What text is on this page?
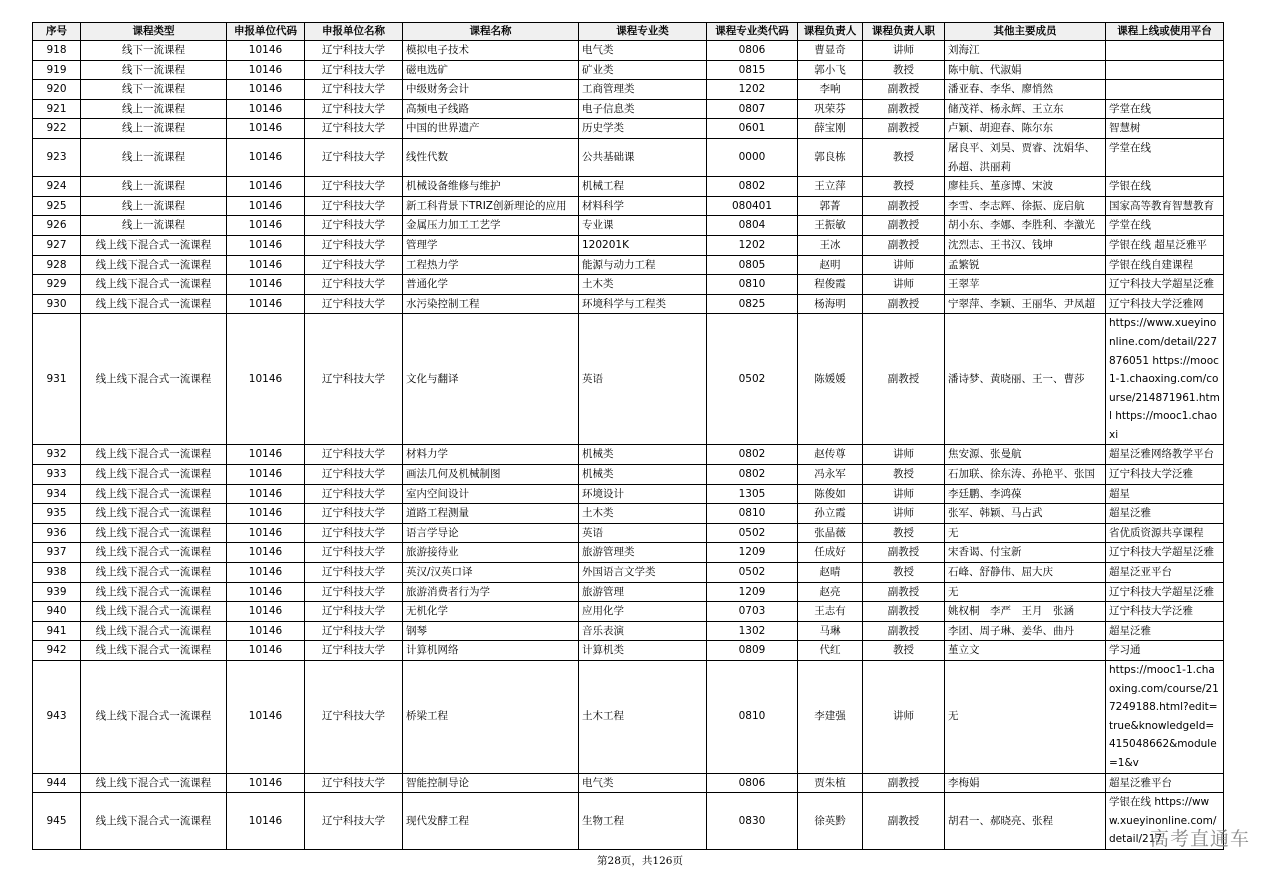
序号	课程类型	申报单位代码	申报单位名称	课程名称	课程专业类	课程专业类代码	课程负责人	课程负责人职	其他主要成员	课程上线或使用平台
918	线下一流课程	10146	辽宁科技大学	模拟电子技术	电气类	0806	曹显奇	讲师	刘海江	
919	线下一流课程	10146	辽宁科技大学	磁电选矿	矿业类	0815	郭小飞	教授	陈中航、代淑娟	
920	线下一流课程	10146	辽宁科技大学	中级财务会计	工商管理类	1202	李响	副教授	潘亚春、李华、廖悄然	
921	线上一流课程	10146	辽宁科技大学	高频电子线路	电子信息类	0807	巩荣芬	副教授	储茂祥、杨永辉、王立东	学堂在线
922	线上一流课程	10146	辽宁科技大学	中国的世界遗产	历史学类	0601	薛宝刚	副教授	卢颖、胡迎春、陈尔东	智慧树
923	线上一流课程	10146	辽宁科技大学	线性代数	公共基础课	0000	郭良栋	教授	屠良平、刘昊、贾睿、沈娟华、孙超、洪丽莉	学堂在线
924	线上一流课程	10146	辽宁科技大学	机械设备维修与维护	机械工程	0802	王立萍	教授	廖桂兵、堇彦博、宋波	学银在线
925	线上一流课程	10146	辽宁科技大学	新工科背景下TRIZ创新理论的应用	材料科学	080401	郭菁	副教授	李雪、李志辉、徐振、庞启航	国家高等教育智慧教育
926	线上一流课程	10146	辽宁科技大学	金属压力加工工艺学	专业课	0804	王振敏	副教授	胡小东、李娜、李胜利、李激光	学堂在线
927	线上线下混合式一流课程	10146	辽宁科技大学	管理学	120201K	1202	王冰	副教授	沈烈志、王书汉、钱坤	学银在线 超星泛雅平
928	线上线下混合式一流课程	10146	辽宁科技大学	工程热力学	能源与动力工程	0805	赵明	讲师	孟繁锐	学银在线自建课程
929	线上线下混合式一流课程	10146	辽宁科技大学	普通化学	土木类	0810	程俊霞	讲师	王翠苹	辽宁科技大学超星泛雅
930	线上线下混合式一流课程	10146	辽宁科技大学	水污染控制工程	环境科学与工程类	0825	杨海明	副教授	宁翠萍、李颖、王丽华、尹凤超	辽宁科技大学泛雅网
931	线上线下混合式一流课程	10146	辽宁科技大学	文化与翻译	英语	0502	陈媛媛	副教授	潘诗梦、黄晓丽、王一、曹莎	https://www.xueyinonline.com/detail/227876051 https://mooc1-1.chaoxing.com/course/214871961.html https://mooc1.chaoxi
932	线上线下混合式一流课程	10146	辽宁科技大学	材料力学	机械类	0802	赵传尊	讲师	焦安源、张曼航	超星泛雅网络教学平台
933	线上线下混合式一流课程	10146	辽宁科技大学	画法几何及机械制图	机械类	0802	冯永军	教授	石加联、徐东涛、孙艳平、张国	辽宁科技大学泛雅
934	线上线下混合式一流课程	10146	辽宁科技大学	室内空间设计	环境设计	1305	陈俊如	讲师	李廷鹏、李鸿葆	超星
935	线上线下混合式一流课程	10146	辽宁科技大学	道路工程测量	土木类	0810	孙立霞	讲师	张军、韩颖、马占武	超星泛雅
936	线上线下混合式一流课程	10146	辽宁科技大学	语言学导论	英语	0502	张晶薇	教授	无	省优质资源共享课程
937	线上线下混合式一流课程	10146	辽宁科技大学	旅游接待业	旅游管理类	1209	任成好	副教授	宋香谒、付宝新	辽宁科技大学超星泛雅
938	线上线下混合式一流课程	10146	辽宁科技大学	英汉/汉英口译	外国语言文学类	0502	赵晴	教授	石峰、舒静伟、屈大庆	超星泛亚平台
939	线上线下混合式一流课程	10146	辽宁科技大学	旅游消费者行为学	旅游管理	1209	赵亮	副教授	无	辽宁科技大学超星泛雅
940	线上线下混合式一流课程	10146	辽宁科技大学	无机化学	应用化学	0703	王志有	副教授	姚权桐　李严　王月　张涵	辽宁科技大学泛雅
941	线上线下混合式一流课程	10146	辽宁科技大学	钢琴	音乐表演	1302	马琳	副教授	李团、周子琳、姜华、曲丹	超星泛雅
942	线上线下混合式一流课程	10146	辽宁科技大学	计算机网络	计算机类	0809	代红	教授	堇立文	学习通
943	线上线下混合式一流课程	10146	辽宁科技大学	桥梁工程	土木工程	0810	李建强	讲师	无	https://mooc1-1.chaoxing.com/course/217249188.html?edit=true&knowledgeId=415048662&module=1&v
944	线上线下混合式一流课程	10146	辽宁科技大学	智能控制导论	电气类	0806	贾朱植	副教授	李梅娟	超星泛雅平台
945	线上线下混合式一流课程	10146	辽宁科技大学	现代发酵工程	生物工程	0830	徐英黔	副教授	胡君一、郝晓亮、张程	学银在线 https://www.xueyinonline.com/detail/217
高考直通车
第28页，共126页
